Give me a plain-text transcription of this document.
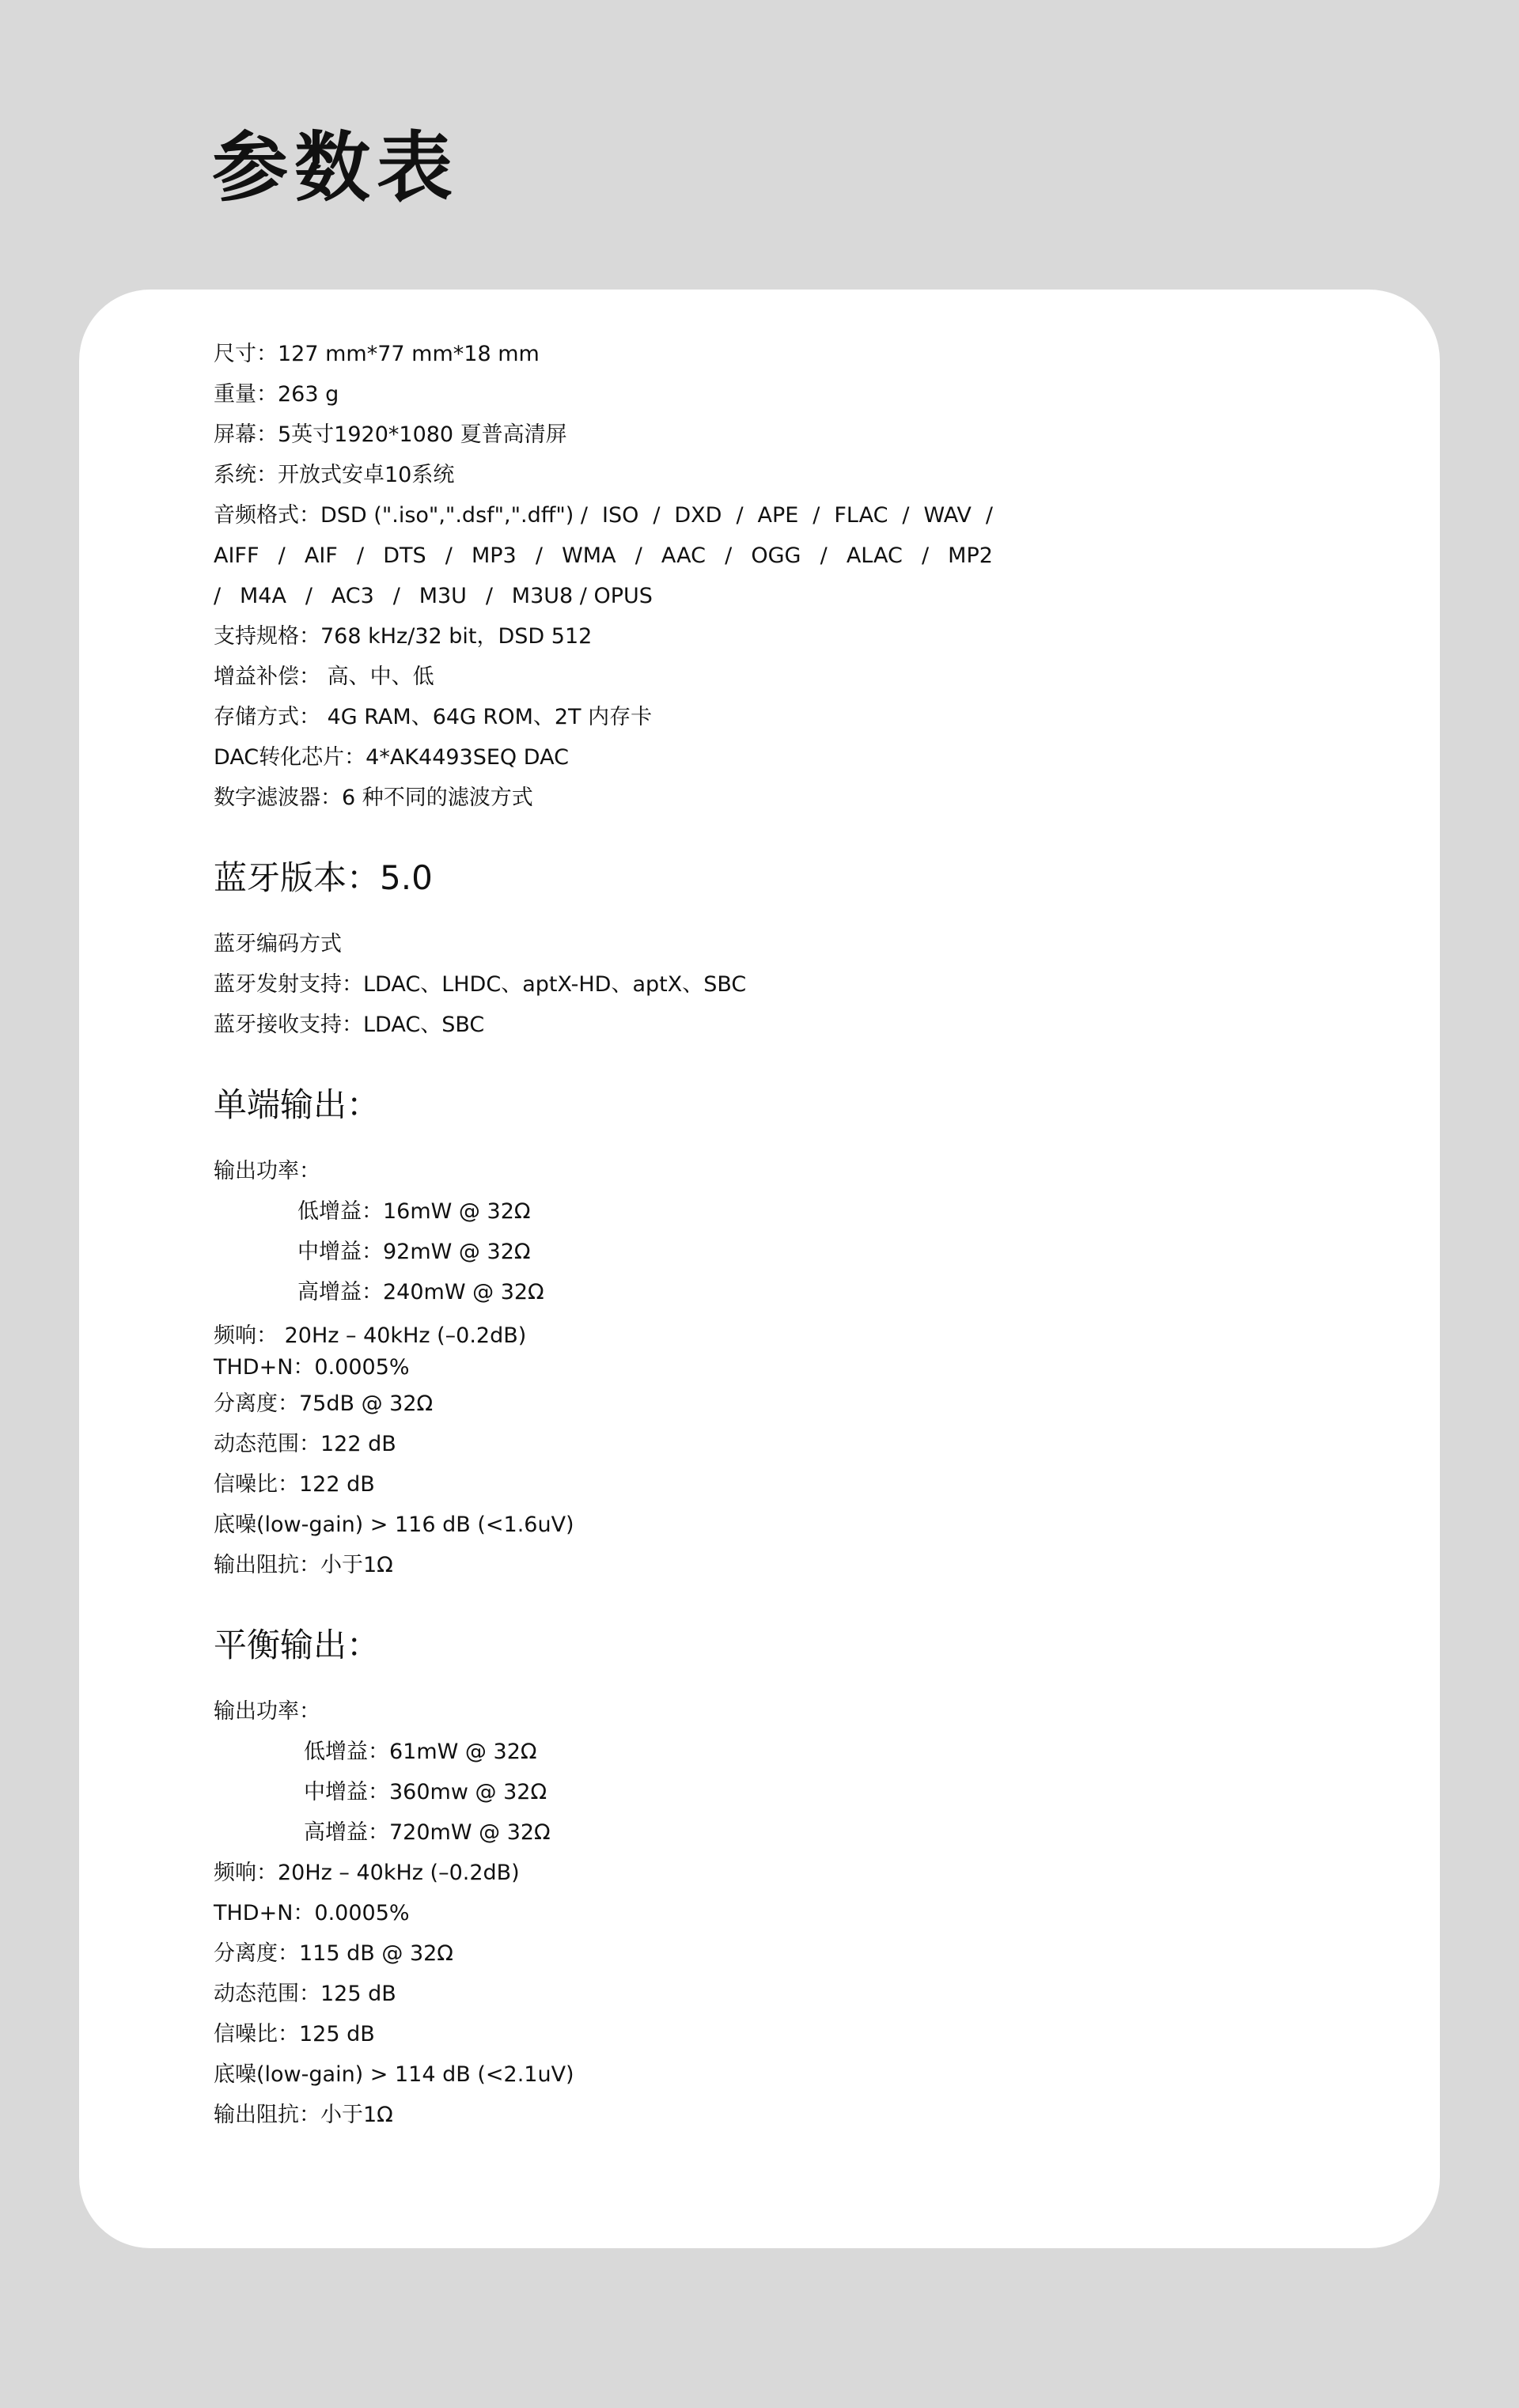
参数表
尺寸：127 mm*77 mm*18 mm
重量：263 g
屏幕：5英寸1920*1080 夏普高清屏
系统：开放式安卓10系统
音频格式：DSD (".iso",".dsf",".dff") / ISO / DXD / APE / FLAC / WAV /
AIFF / AIF / DTS / MP3 / WMA / AAC / OGG / ALAC / MP2
/ M4A / AC3 / M3U / M3U8 / OPUS
支持规格：768 kHz/32 bit，DSD 512
增益补偿： 高、中、低
存储方式： 4G RAM、64G ROM、2T 内存卡
DAC转化芯片：4*AK4493SEQ DAC
数字滤波器：6 种不同的滤波方式
蓝牙版本：5.0
蓝牙编码方式
蓝牙发射支持：LDAC、LHDC、aptX-HD、aptX、SBC
蓝牙接收支持：LDAC、SBC
单端输出：
输出功率：
低增益：16mW @ 32Ω
中增益：92mW @ 32Ω
高增益：240mW @ 32Ω
频响： 20Hz – 40kHz (–0.2dB)
THD+N：0.0005%
分离度：75dB @ 32Ω
动态范围：122 dB
信噪比：122 dB
底噪(low-gain) > 116 dB (<1.6uV)
输出阻抗：小于1Ω
平衡输出：
输出功率：
低增益：61mW @ 32Ω
中增益：360mw @ 32Ω
高增益：720mW @ 32Ω
频响：20Hz – 40kHz (–0.2dB)
THD+N：0.0005%
分离度：115 dB @ 32Ω
动态范围：125 dB
信噪比：125 dB
底噪(low-gain) > 114 dB (<2.1uV)
输出阻抗：小于1Ω
